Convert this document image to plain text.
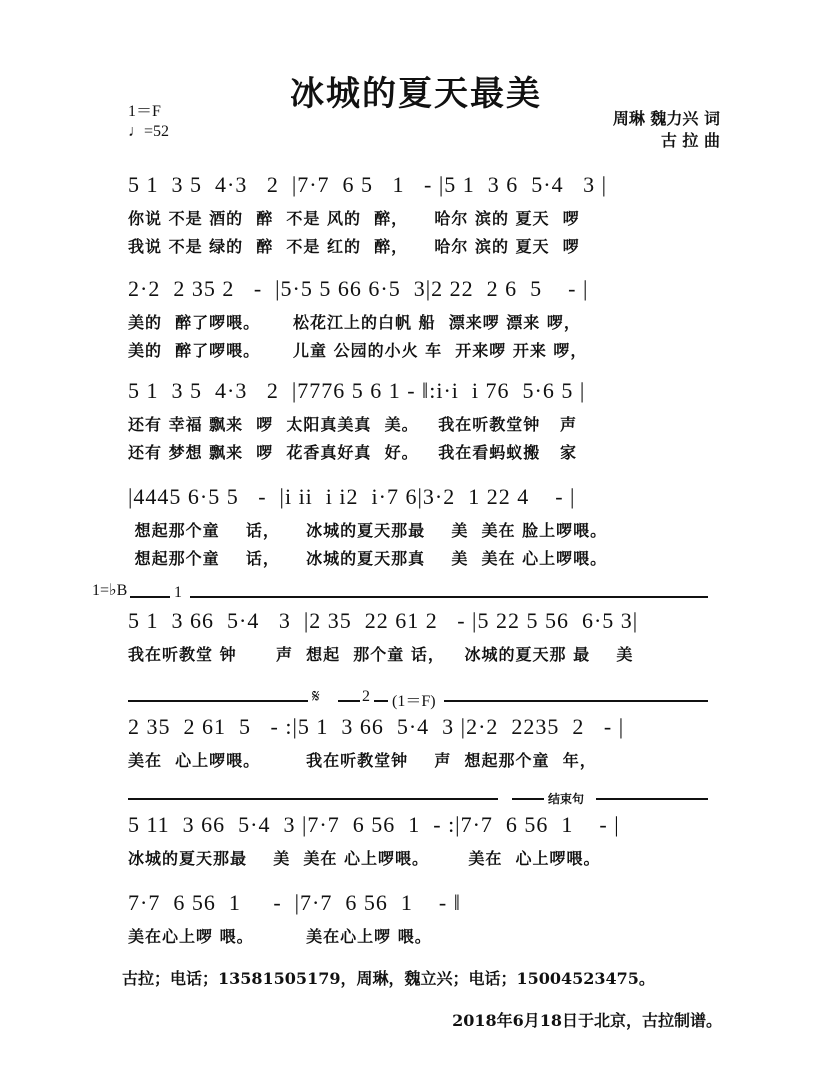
冰城的夏天最美
1＝F
♩=52
周琳 魏力兴 词
古 拉 曲
5 1  3 5  4·3   2  |7·7  6 5   1   - |5 1  3 6  5·4   3 |
你说 不是 酒的  醉  不是 风的  醉，    哈尔 滨的 夏天  啰
我说 不是 绿的  醉  不是 红的  醉，    哈尔 滨的 夏天  啰
2·2  2 35 2   -  |5·5 5 66 6·5  3|2 22  2 6  5    - |
美的  醉了啰喂。     松花江上的白帆 船  漂来啰 漂来 啰，
美的  醉了啰喂。     儿童 公园的小火 车  开来啰 开来 啰，
5 1  3 5  4·3   2  |7776 5 6 1 - ‖:i·i  i 76  5·6 5 |
还有 幸福 飘来  啰  太阳真美真  美。   我在听教堂钟   声
还有 梦想 飘来  啰  花香真好真  好。   我在看蚂蚁搬   家
|4445 6·5 5   -  |i ii  i i2  i·7 6|3·2  1 22 4    - |
想起那个童    话，    冰城的夏天那最    美  美在 脸上啰喂。
想起那个童    话，    冰城的夏天那真    美  美在 心上啰喂。
1=♭B	1
5 1  3 66  5·4   3  |2 35  22 61 2   - |5 22 5 56  6·5 3|
我在听教堂 钟      声  想起  那个童 话，   冰城的夏天那 最    美
𝄋	2 (1＝F)
2 35  2 61  5   - :|5 1  3 66  5·4  3 |2·2  2235  2   - |
美在  心上啰喂。       我在听教堂钟    声  想起那个童  年，
结束句
5 11  3 66  5·4  3 |7·7  6 56  1  - :|7·7  6 56  1    - |
冰城的夏天那最    美  美在 心上啰喂。      美在  心上啰喂。
7·7  6 56  1     -  |7·7  6 56  1    - ‖
美在心上啰 喂。        美在心上啰 喂。
古拉；电话；13581505179，周琳，魏立兴；电话；15004523475。
2018年6月18日于北京，古拉制谱。
